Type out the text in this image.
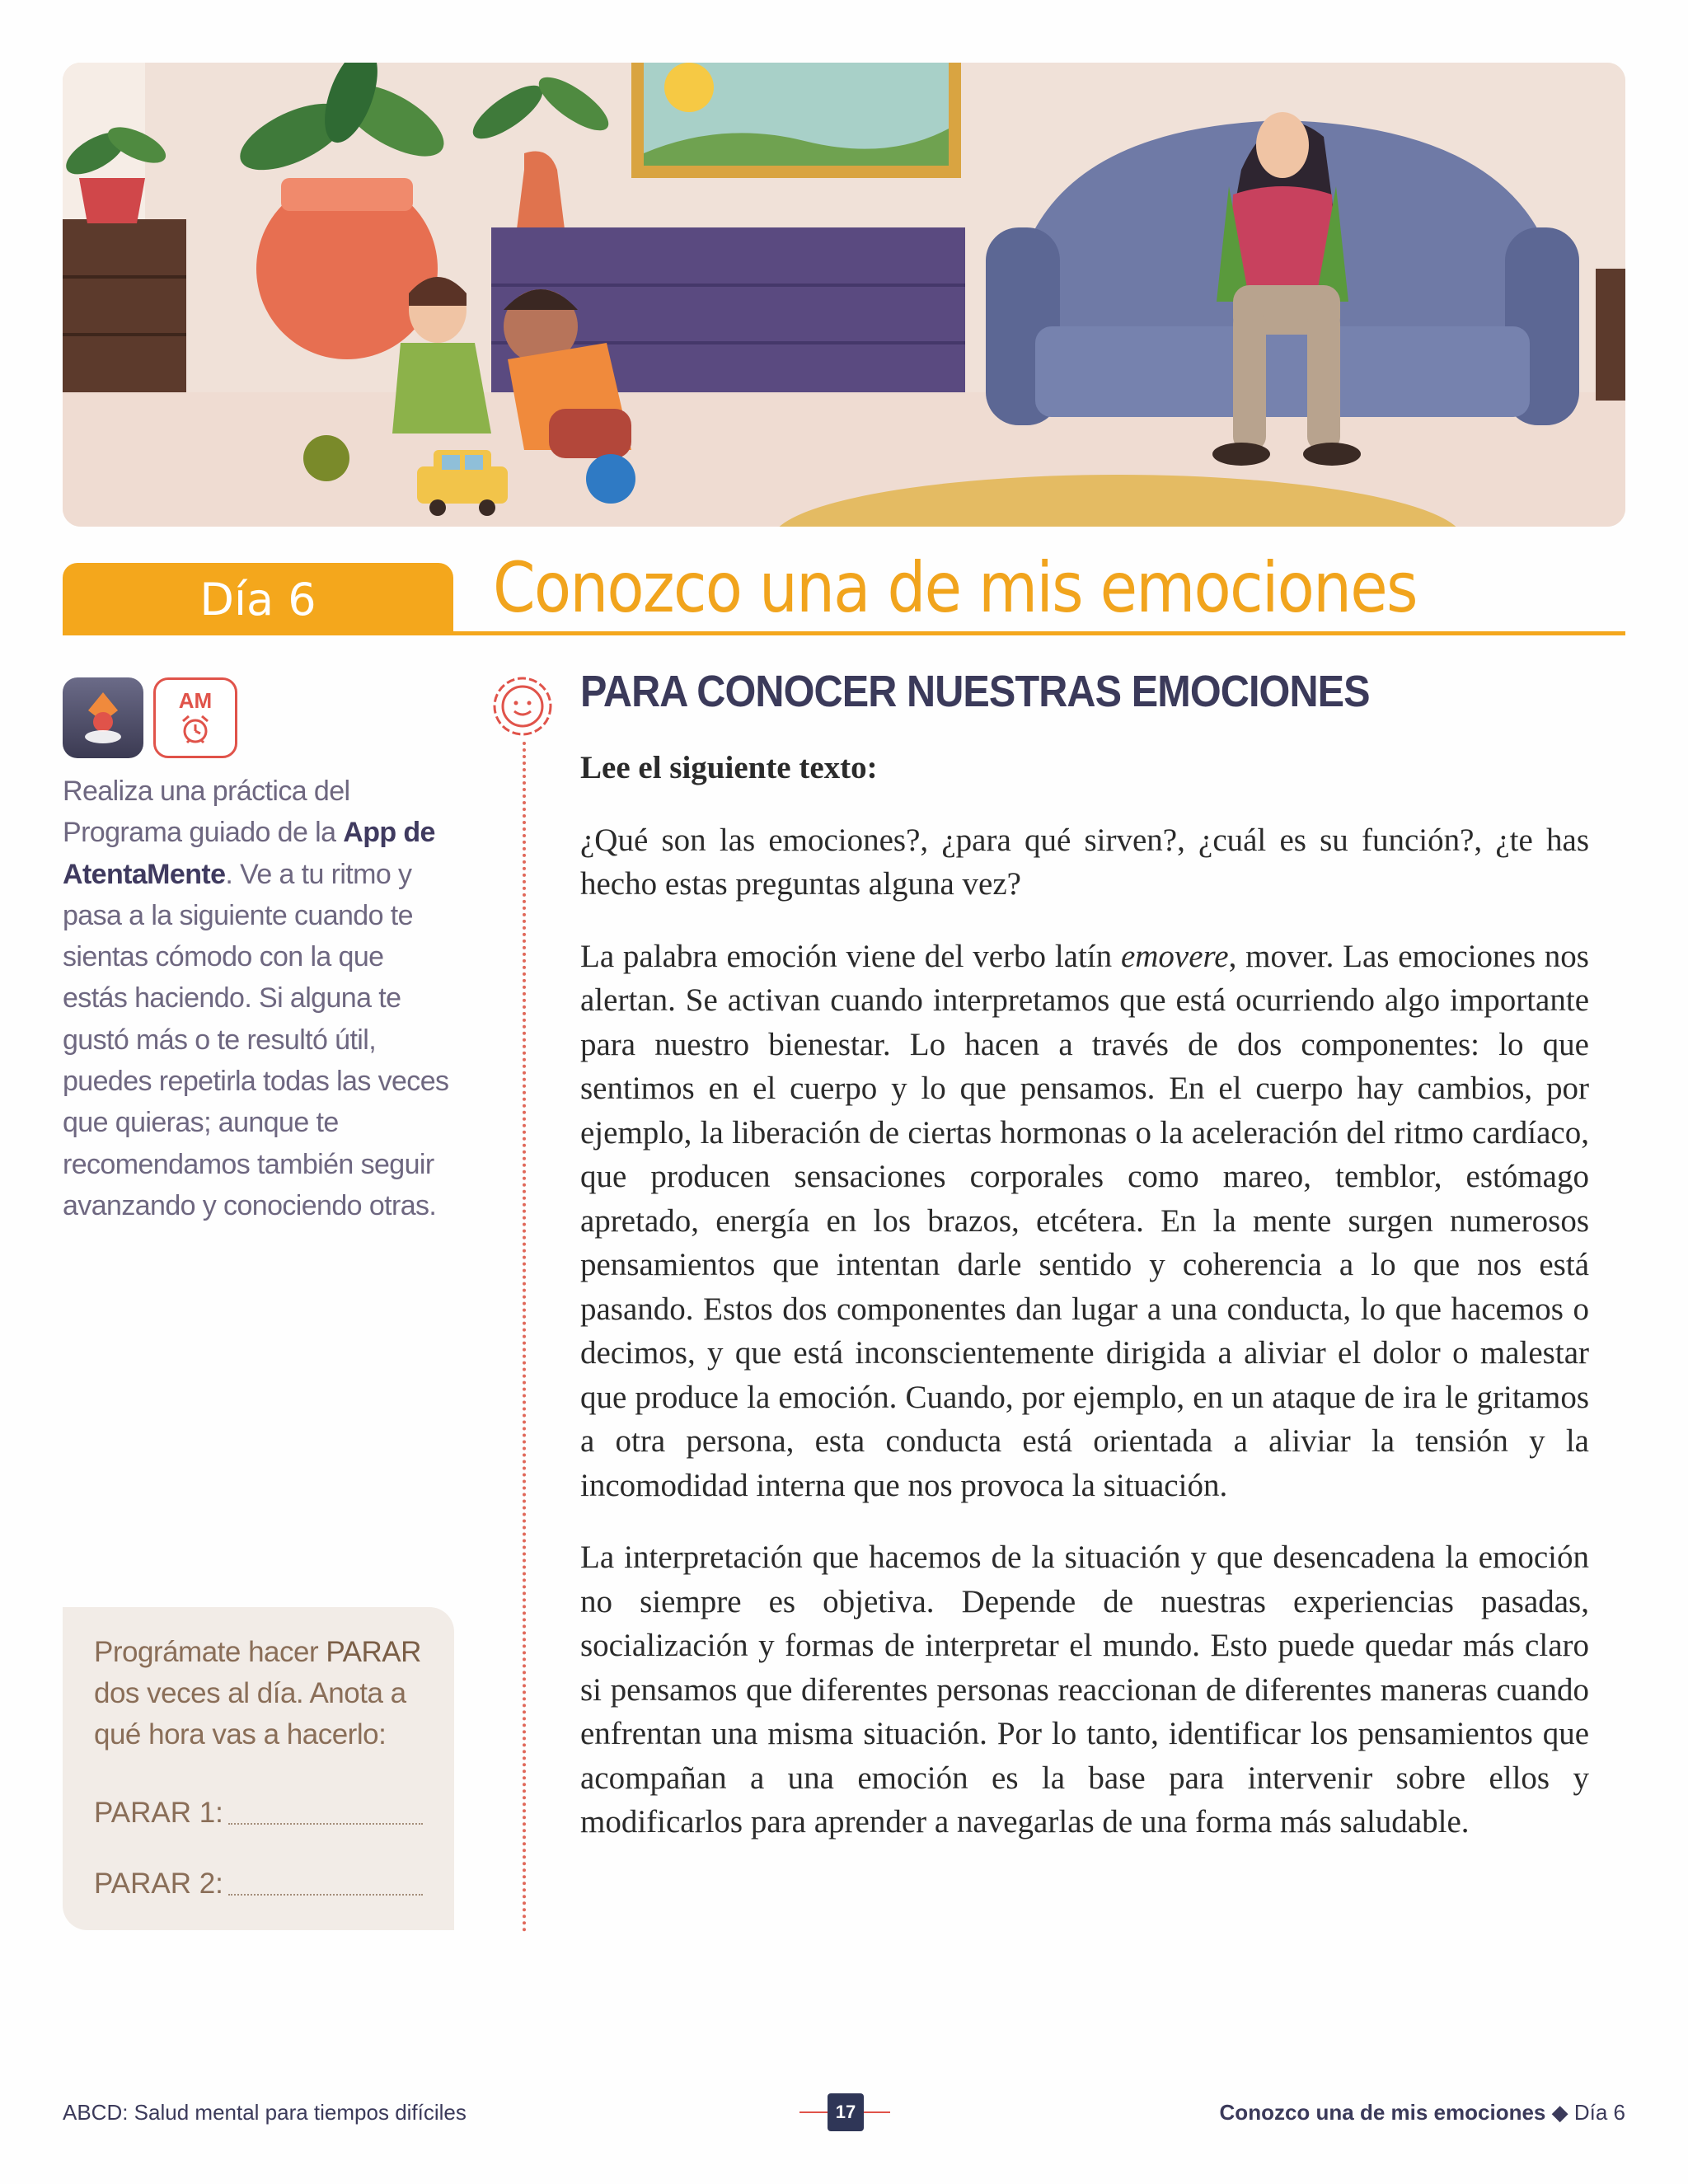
Día 6	Conozco una de mis emociones
AM
Realiza una práctica del Programa guiado de la App de AtentaMente. Ve a tu ritmo y pasa a la siguiente cuando te sientas cómodo con la que estás haciendo. Si alguna te gustó más o te resultó útil, puedes repetirla todas las veces que quieras; aunque te recomendamos también seguir avanzando y conociendo otras.
Prográmate hacer PARAR dos veces al día. Anota a qué hora vas a hacerlo:
PARAR 1:
PARAR 2:
PARA CONOCER NUESTRAS EMOCIONES

Lee el siguiente texto:

¿Qué son las emociones?, ¿para qué sirven?, ¿cuál es su función?, ¿te has hecho estas preguntas alguna vez?

La palabra emoción viene del verbo latín emovere, mover. Las emociones nos alertan. Se activan cuando interpretamos que está ocurriendo algo importante para nuestro bienestar. Lo hacen a través de dos componentes: lo que sentimos en el cuerpo y lo que pensamos. En el cuerpo hay cambios, por ejemplo, la liberación de ciertas hormonas o la aceleración del ritmo cardíaco, que producen sensaciones corporales como mareo, temblor, estómago apretado, energía en los brazos, etcétera. En la mente surgen numerosos pensamientos que intentan darle sentido y coherencia a lo que nos está pasando. Estos dos componentes dan lugar a una conducta, lo que hacemos o decimos, y que está inconscientemente dirigida a aliviar el dolor o malestar que produce la emoción. Cuando, por ejemplo, en un ataque de ira le gritamos a otra persona, esta conducta está orientada a aliviar la tensión y la incomodidad interna que nos provoca la situación.

La interpretación que hacemos de la situación y que desencadena la emoción no siempre es objetiva. Depende de nuestras experiencias pasadas, socialización y formas de interpretar el mundo. Esto puede quedar más claro si pensamos que diferentes personas reaccionan de diferentes maneras cuando enfrentan una misma situación. Por lo tanto, identificar los pensamientos que acompañan a una emoción es la base para intervenir sobre ellos y modificarlos para aprender a navegarlas de una forma más saludable.

ABCD: Salud mental para tiempos difíciles	17	Conozco una de mis emociones ◆ Día 6
